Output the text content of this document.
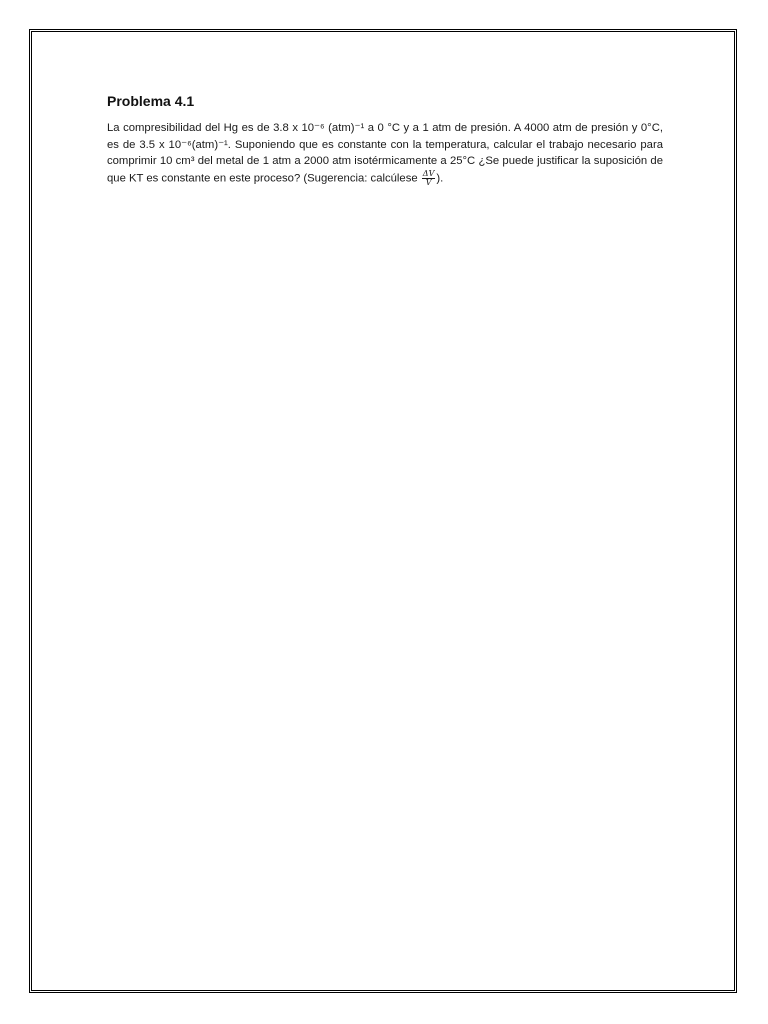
Problema 4.1

La compresibilidad del Hg es de 3.8 x 10⁻⁶ (atm)⁻¹ a 0 °C y a 1 atm de presión. A 4000 atm de presión y 0°C, es de 3.5 x 10⁻⁶(atm)⁻¹. Suponiendo que es constante con la temperatura, calcular el trabajo necesario para comprimir 10 cm³ del metal de 1 atm a 2000 atm isotérmicamente a 25°C ¿Se puede justificar la suposición de que KT es constante en este proceso? (Sugerencia: calcúlese $\frac{\Delta V}{V}$ ).
